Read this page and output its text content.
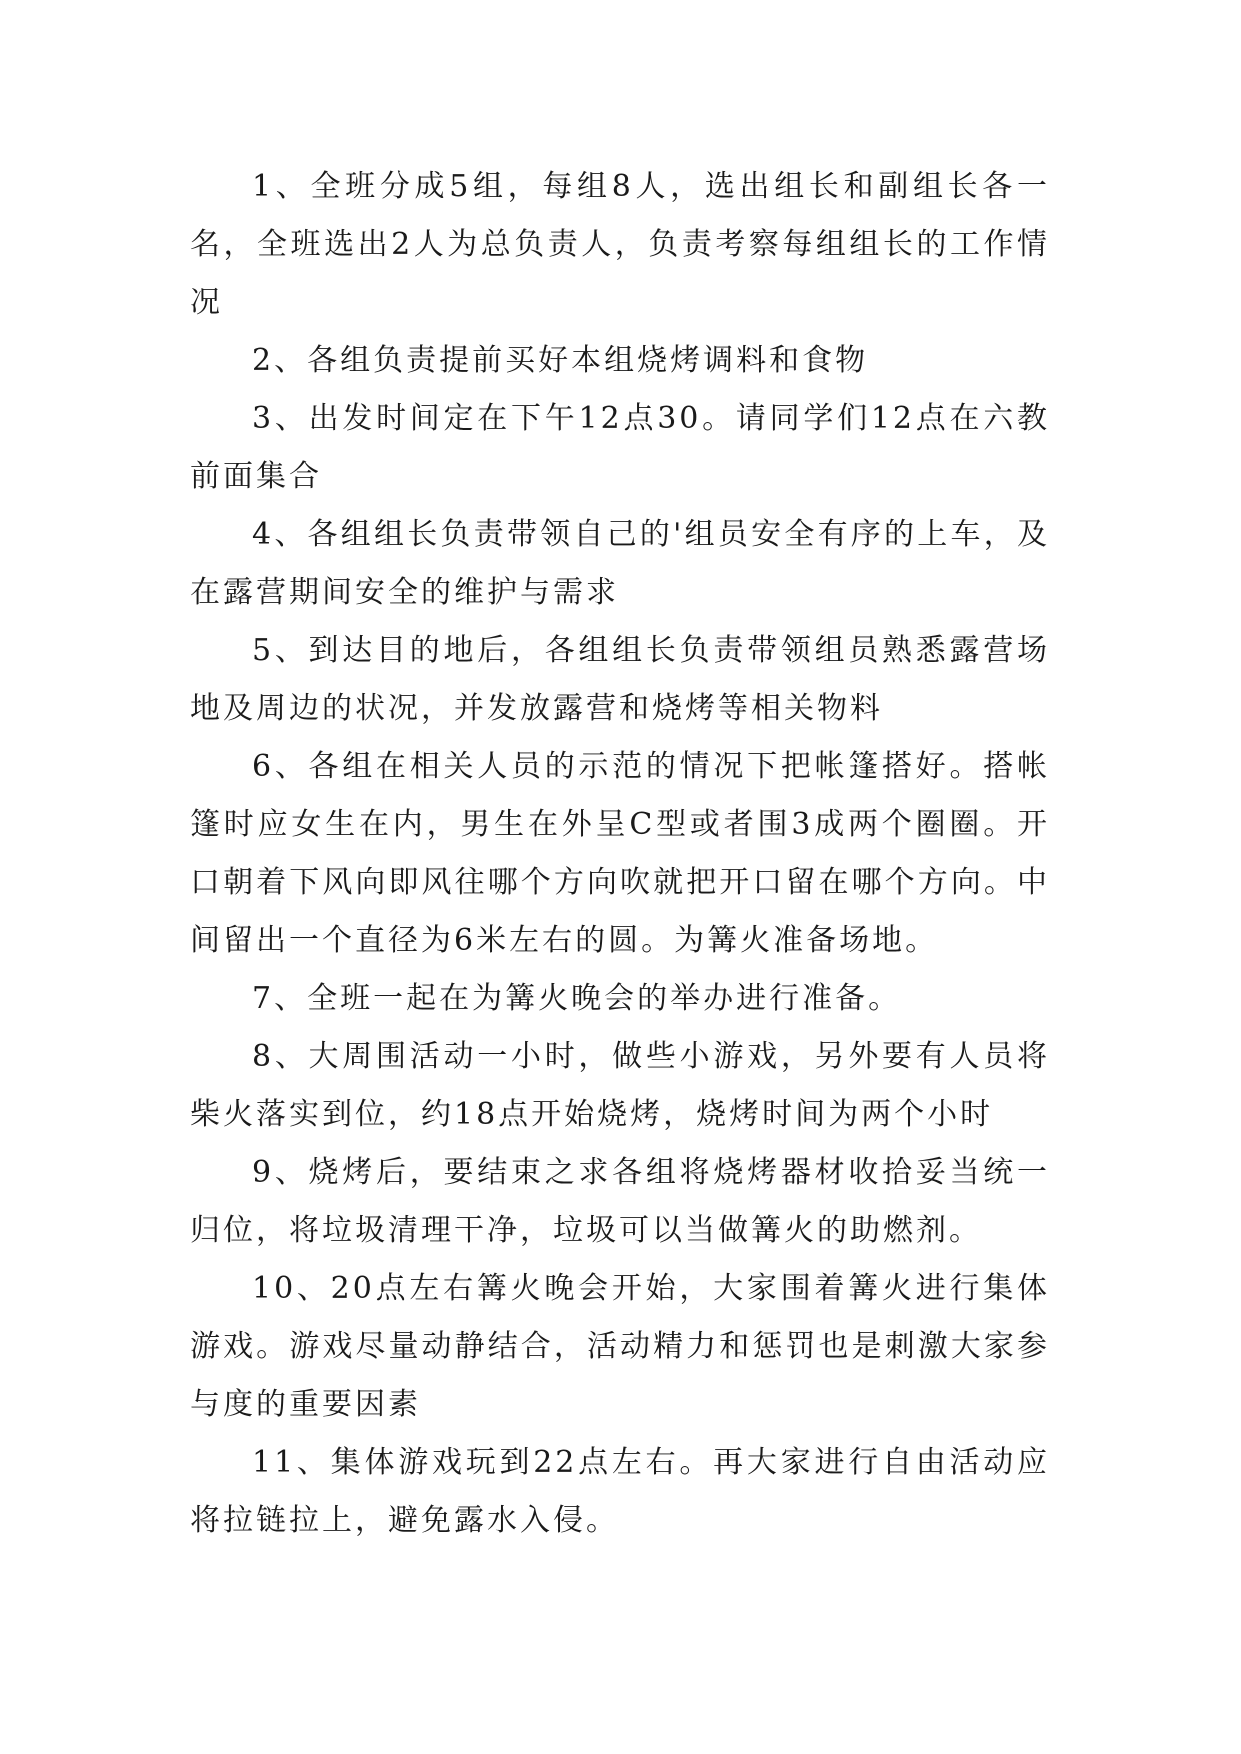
1、全班分成5组，每组8人，选出组长和副组长各一名，全班选出2人为总负责人，负责考察每组组长的工作情况

2、各组负责提前买好本组烧烤调料和食物

3、出发时间定在下午12点30。请同学们12点在六教前面集合

4、各组组长负责带领自己的'组员安全有序的上车，及在露营期间安全的维护与需求

5、到达目的地后，各组组长负责带领组员熟悉露营场地及周边的状况，并发放露营和烧烤等相关物料

6、各组在相关人员的示范的情况下把帐篷搭好。搭帐篷时应女生在内，男生在外呈C型或者围3成两个圈圈。开口朝着下风向即风往哪个方向吹就把开口留在哪个方向。中间留出一个直径为6米左右的圆。为篝火准备场地。

7、全班一起在为篝火晚会的举办进行准备。

8、大周围活动一小时，做些小游戏，另外要有人员将柴火落实到位，约18点开始烧烤，烧烤时间为两个小时

9、烧烤后，要结束之求各组将烧烤器材收拾妥当统一归位，将垃圾清理干净，垃圾可以当做篝火的助燃剂。

10、20点左右篝火晚会开始，大家围着篝火进行集体游戏。游戏尽量动静结合，活动精力和惩罚也是刺激大家参与度的重要因素

11、集体游戏玩到22点左右。再大家进行自由活动应将拉链拉上，避免露水入侵。
